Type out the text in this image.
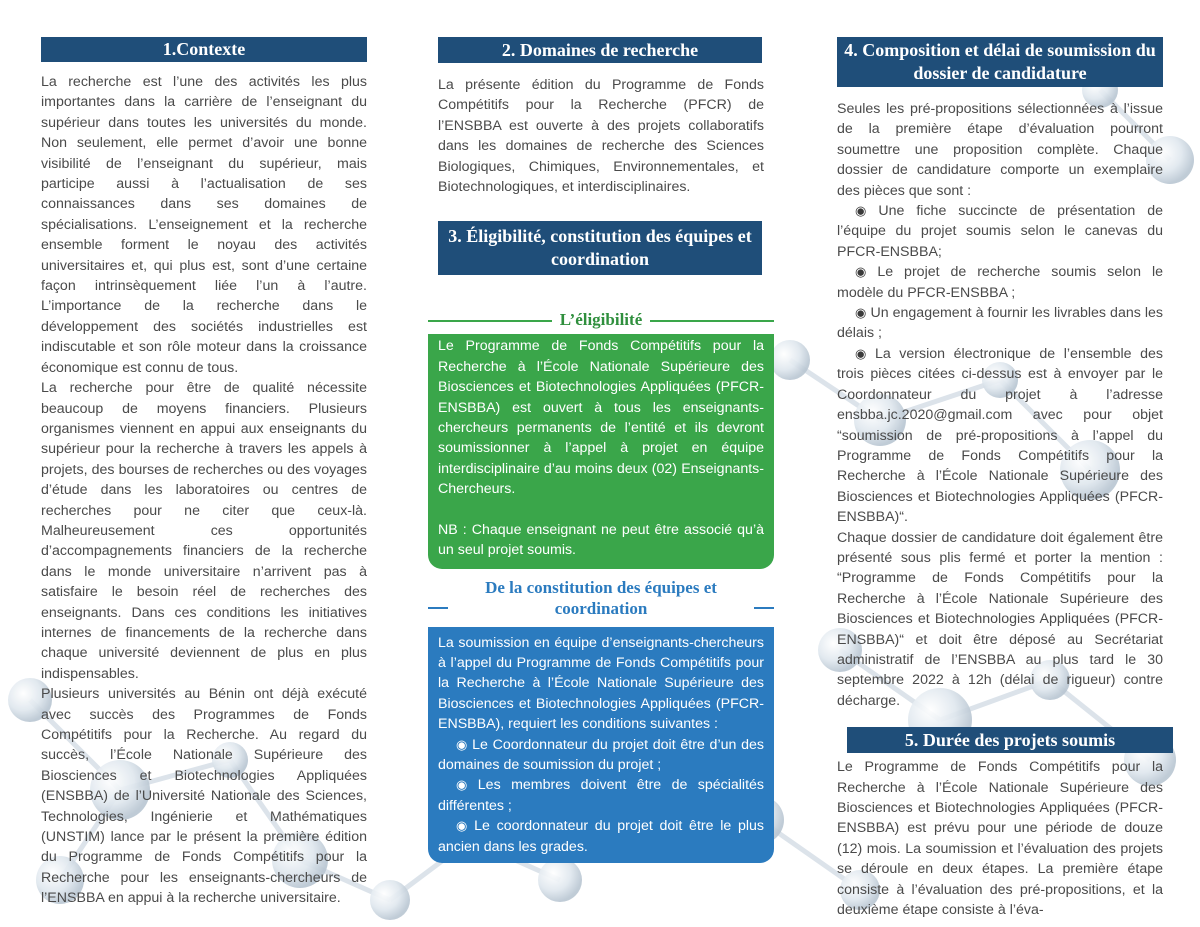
1.Contexte

La recherche est l’une des activités les plus importantes dans la carrière de l’enseignant du supérieur dans toutes les universités du monde. Non seulement, elle permet d’avoir une bonne visibilité de l’enseignant du supérieur, mais participe aussi à l’actualisation de ses connaissances dans ses domaines de spécialisations. L’enseignement et la recherche ensemble forment le noyau des activités universitaires et, qui plus est, sont d’une certaine façon intrinsèquement liée l’un à l’autre. L’importance de la recherche dans le développement des sociétés industrielles est indiscutable et son rôle moteur dans la croissance économique est connu de tous.

La recherche pour être de qualité nécessite beaucoup de moyens financiers. Plusieurs organismes viennent en appui aux enseignants du supérieur pour la recherche à travers les appels à projets, des bourses de recherches ou des voyages d’étude dans les laboratoires ou centres de recherches pour ne citer que ceux-là. Malheureusement ces opportunités d’accompagnements financiers de la recherche dans le monde universitaire n’arrivent pas à satisfaire le besoin réel de recherches des enseignants. Dans ces conditions les initiatives internes de financements de la recherche dans chaque université deviennent de plus en plus indispensables.

Plusieurs universités au Bénin ont déjà exécuté avec succès des Programmes de Fonds Compétitifs pour la Recherche. Au regard du succès, l’École Nationale Supérieure des Biosciences et Biotechnologies Appliquées (ENSBBA) de l’Université Nationale des Sciences, Technologies, Ingénierie et Mathématiques (UNSTIM) lance par le présent la première édition du Programme de Fonds Compétitifs pour la Recherche pour les enseignants-chercheurs de l’ENSBBA en appui à la recherche universitaire.

2. Domaines de recherche

La présente édition du Programme de Fonds Compétitifs pour la Recherche (PFCR) de l’ENSBBA est ouverte à des projets collaboratifs dans les domaines de recherche des Sciences Biologiques, Chimiques, Environnementales, et Biotechnologiques, et interdisciplinaires.

3. Éligibilité, constitution des équipes et coordination
L’éligibilité

Le Programme de Fonds Compétitifs pour la Recherche à l’École Nationale Supérieure des Biosciences et Biotechnologies Appliquées (PFCR-ENSBBA) est ouvert à tous les enseignants-chercheurs permanents de l’entité et ils devront soumissionner à l’appel à projet en équipe interdisciplinaire d’au moins deux (02) Enseignants-Chercheurs.

NB : Chaque enseignant ne peut être associé qu’à un seul projet soumis.

De la constitution des équipes et coordination

La soumission en équipe d’enseignants-chercheurs à l’appel du Programme de Fonds Compétitifs pour la Recherche à l’École Nationale Supérieure des Biosciences et Biotechnologies Appliquées (PFCR-ENSBBA), requiert les conditions suivantes :

◉ Le Coordonnateur du projet doit être d’un des domaines de soumission du projet ;

◉ Les membres doivent être de spécialités différentes ;

◉ Le coordonnateur du projet doit être le plus ancien dans les grades.

4. Composition et délai de soumission du dossier de candidature

Seules les pré-propositions sélectionnées à l’issue de la première étape d’évaluation pourront soumettre une proposition complète. Chaque dossier de candidature comporte un exemplaire des pièces que sont :

◉ Une fiche succincte de présentation de l’équipe du projet soumis selon le canevas du PFCR-ENSBBA;

◉ Le projet de recherche soumis selon le modèle du PFCR-ENSBBA ;

◉ Un engagement à fournir les livrables dans les délais ;

◉ La version électronique de l’ensemble des trois pièces citées ci-dessus est à envoyer par le Coordonnateur du projet à l’adresse ensbba.jc.2020@gmail.com avec pour objet “soumission de pré-propositions à l’appel du Programme de Fonds Compétitifs pour la Recherche à l’École Nationale Supérieure des Biosciences et Biotechnologies Appliquées (PFCR-ENSBBA)“.

Chaque dossier de candidature doit également être présenté sous plis fermé et porter la mention : “Programme de Fonds Compétitifs pour la Recherche à l’École Nationale Supérieure des Biosciences et Biotechnologies Appliquées (PFCR-ENSBBA)“ et doit être déposé au Secrétariat administratif de l’ENSBBA au plus tard le 30 septembre 2022 à 12h (délai de rigueur) contre décharge.

5. Durée des projets soumis

Le Programme de Fonds Compétitifs pour la Recherche à l’École Nationale Supérieure des Biosciences et Biotechnologies Appliquées (PFCR-ENSBBA) est prévu pour une période de douze (12) mois. La soumission et l’évaluation des projets se déroule en deux étapes. La première étape consiste à l’évaluation des pré-propositions, et la deuxième étape consiste à l’éva-
